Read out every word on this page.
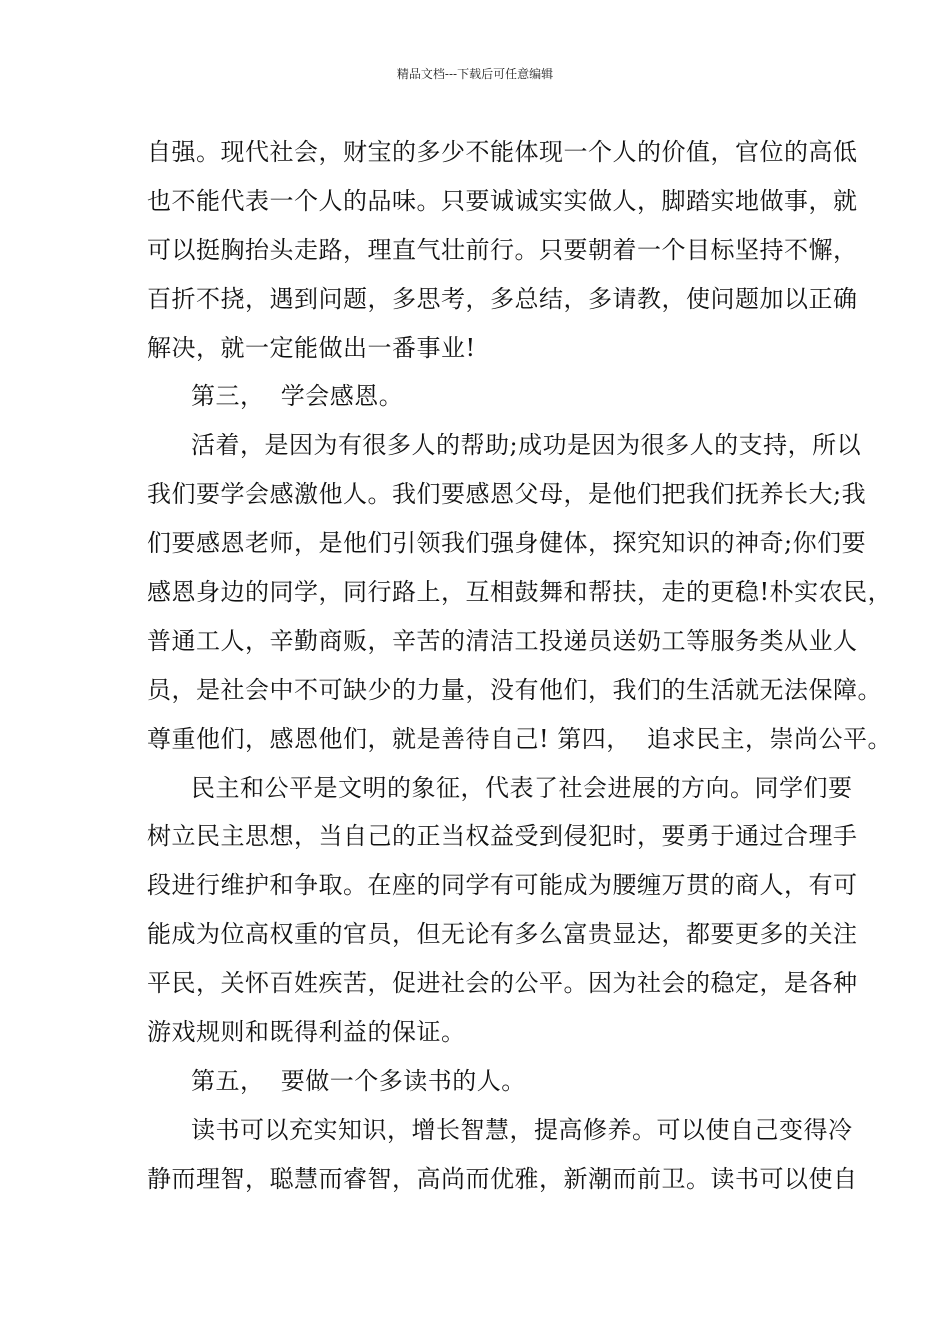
精品文档---下载后可任意编辑
自强。现代社会，财宝的多少不能体现一个人的价值，官位的高低
也不能代表一个人的品味。只要诚诚实实做人，脚踏实地做事，就
可以挺胸抬头走路，理直气壮前行。只要朝着一个目标坚持不懈，
百折不挠，遇到问题，多思考，多总结，多请教，使问题加以正确
解决，就一定能做出一番事业!
第三，  学会感恩。
活着，是因为有很多人的帮助;成功是因为很多人的支持，所以
我们要学会感激他人。我们要感恩父母，是他们把我们抚养长大;我
们要感恩老师，是他们引领我们强身健体，探究知识的神奇;你们要
感恩身边的同学，同行路上，互相鼓舞和帮扶，走的更稳!朴实农民，
普通工人，辛勤商贩，辛苦的清洁工投递员送奶工等服务类从业人
员，是社会中不可缺少的力量，没有他们，我们的生活就无法保障。
尊重他们，感恩他们，就是善待自己! 第四，  追求民主，崇尚公平。
民主和公平是文明的象征，代表了社会进展的方向。同学们要
树立民主思想，当自己的正当权益受到侵犯时，要勇于通过合理手
段进行维护和争取。在座的同学有可能成为腰缠万贯的商人，有可
能成为位高权重的官员，但无论有多么富贵显达，都要更多的关注
平民，关怀百姓疾苦，促进社会的公平。因为社会的稳定，是各种
游戏规则和既得利益的保证。
第五，  要做一个多读书的人。
读书可以充实知识，增长智慧，提高修养。可以使自己变得冷
静而理智，聪慧而睿智，高尚而优雅，新潮而前卫。读书可以使自
